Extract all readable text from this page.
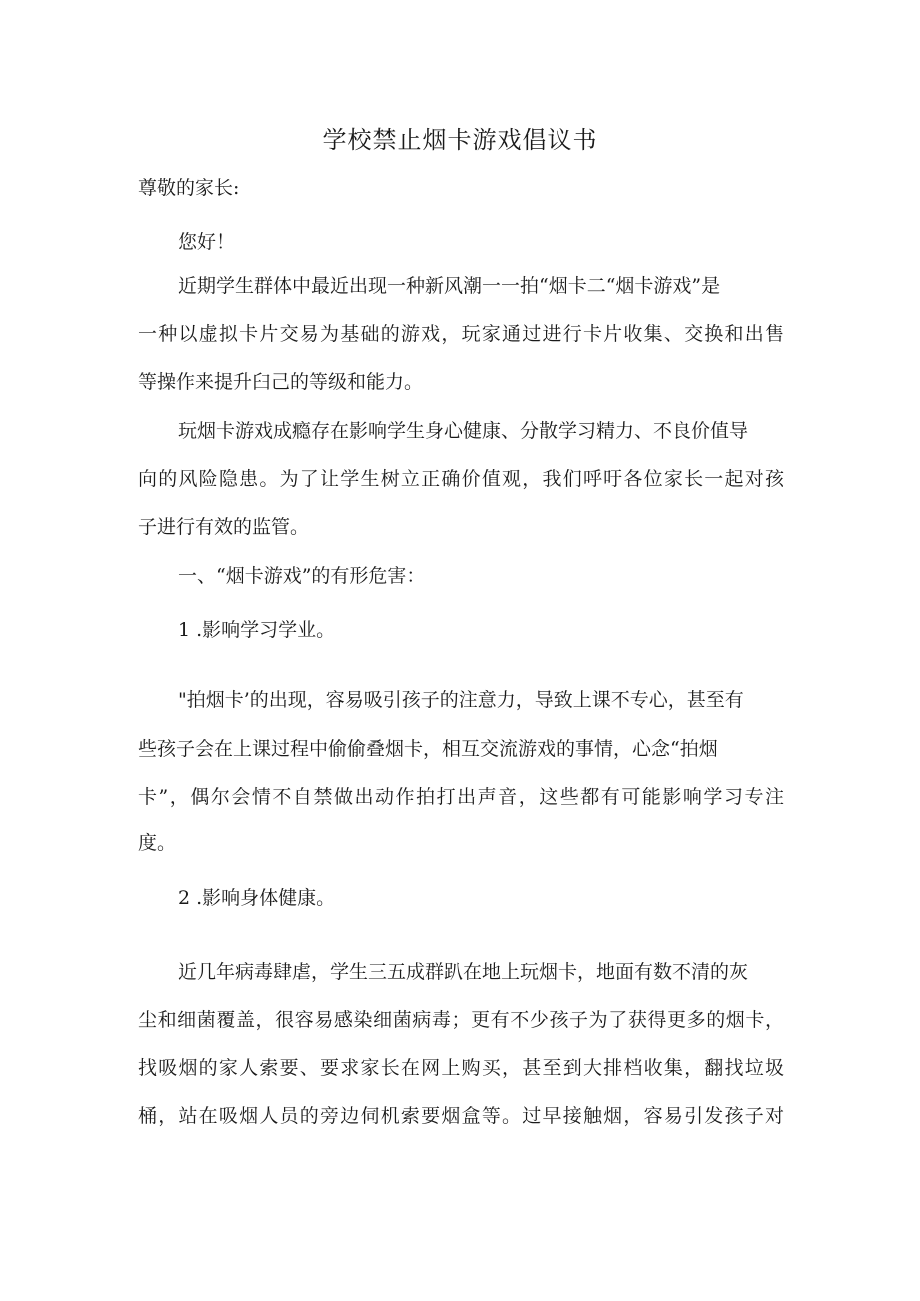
学校禁止烟卡游戏倡议书
尊敬的家长:
您好！
近期学生群体中最近出现一种新风潮一一拍“烟卡二“烟卡游戏”是
一种以虚拟卡片交易为基础的游戏，玩家通过进行卡片收集、交换和出售
等操作来提升臼己的等级和能力。
玩烟卡游戏成瘾存在影响学生身心健康、分散学习精力、不良价值导
向的风险隐患。为了让学生树立正确价值观，我们呼吁各位家长一起对孩
子进行有效的监管。
一、“烟卡游戏”的有形危害：
1 .影响学习学业。
"拍烟卡’的出现，容易吸引孩子的注意力，导致上课不专心，甚至有
些孩子会在上课过程中偷偷叠烟卡，相互交流游戏的事情，心念“拍烟
卡”，偶尔会情不自禁做出动作拍打出声音，这些都有可能影响学习专注
度。
2 .影响身体健康。
近几年病毒肆虐，学生三五成群趴在地上玩烟卡，地面有数不清的灰
尘和细菌覆盖，很容易感染细菌病毒；更有不少孩子为了获得更多的烟卡，
找吸烟的家人索要、要求家长在网上购买，甚至到大排档收集，翻找垃圾
桶，站在吸烟人员的旁边伺机索要烟盒等。过早接触烟，容易引发孩子对
